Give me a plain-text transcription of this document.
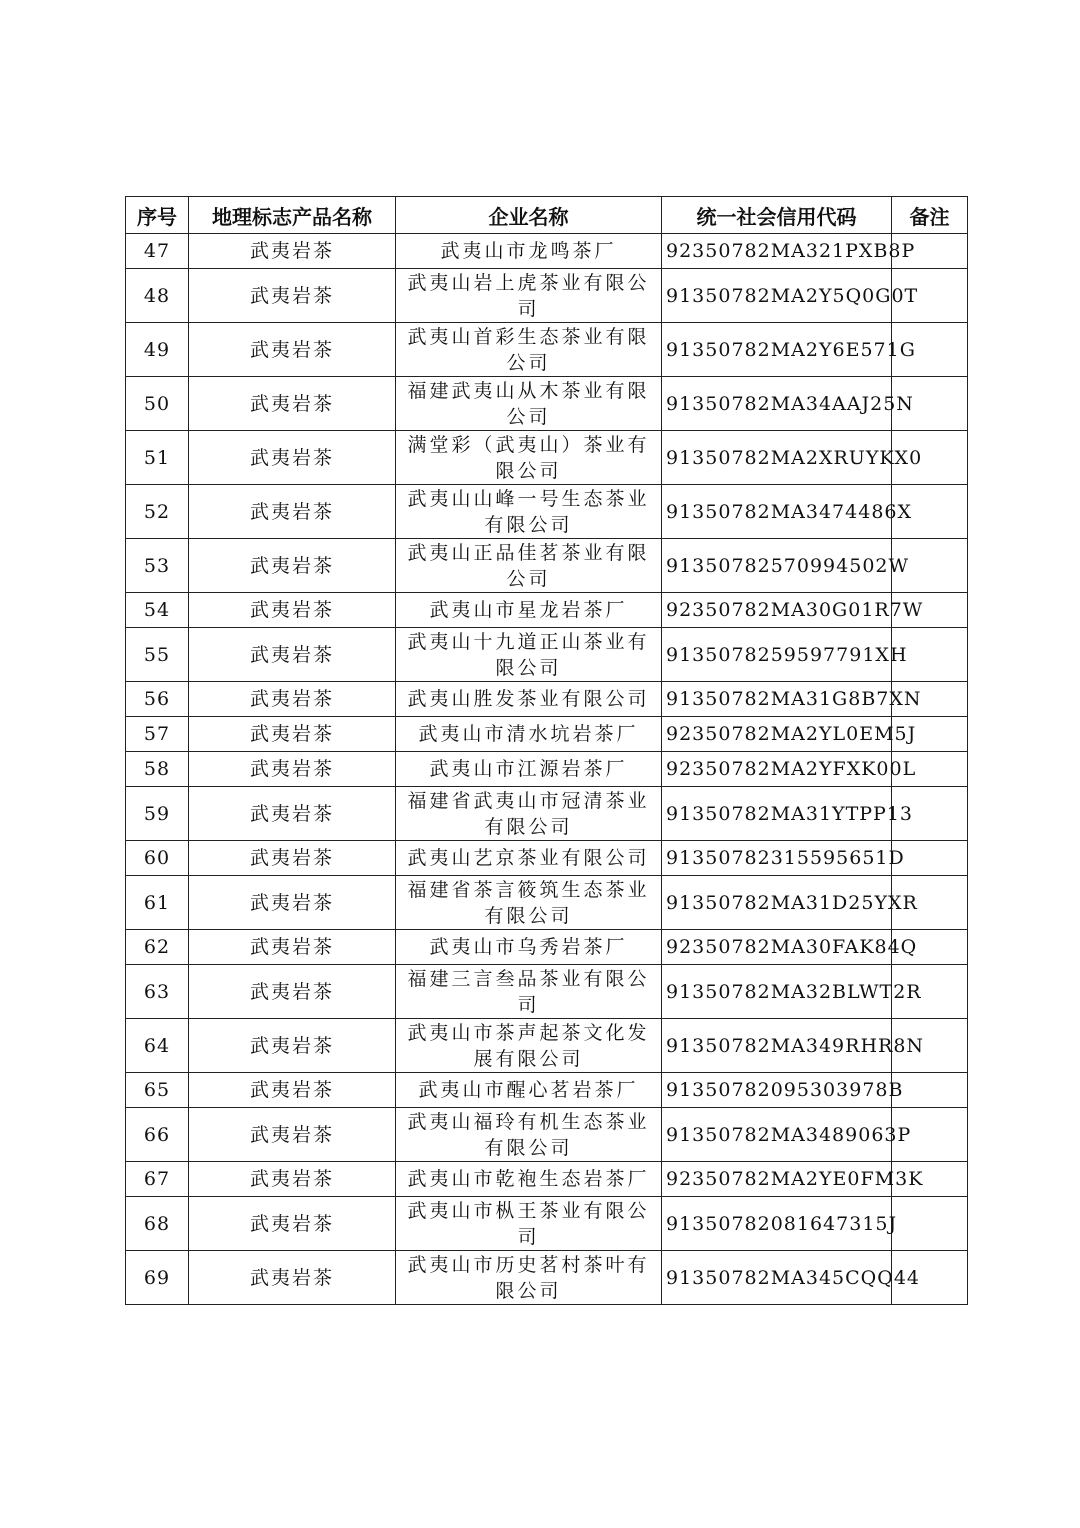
序号	地理标志产品名称	企业名称	统一社会信用代码	备注
47	武夷岩茶	武夷山市龙鸣茶厂	92350782MA321PXB8P	
48	武夷岩茶	武夷山岩上虎茶业有限公司	91350782MA2Y5Q0G0T	
49	武夷岩茶	武夷山首彩生态茶业有限公司	91350782MA2Y6E571G	
50	武夷岩茶	福建武夷山从木茶业有限公司	91350782MA34AAJ25N	
51	武夷岩茶	满堂彩（武夷山）茶业有限公司	91350782MA2XRUYKX0	
52	武夷岩茶	武夷山山峰一号生态茶业有限公司	91350782MA3474486X	
53	武夷岩茶	武夷山正品佳茗茶业有限公司	91350782570994502W	
54	武夷岩茶	武夷山市星龙岩茶厂	92350782MA30G01R7W	
55	武夷岩茶	武夷山十九道正山茶业有限公司	9135078259597791XH	
56	武夷岩茶	武夷山胜发茶业有限公司	91350782MA31G8B7XN	
57	武夷岩茶	武夷山市清水坑岩茶厂	92350782MA2YL0EM5J	
58	武夷岩茶	武夷山市江源岩茶厂	92350782MA2YFXK00L	
59	武夷岩茶	福建省武夷山市冠清茶业有限公司	91350782MA31YTPP13	
60	武夷岩茶	武夷山艺京茶业有限公司	91350782315595651D	
61	武夷岩茶	福建省茶言筱筑生态茶业有限公司	91350782MA31D25YXR	
62	武夷岩茶	武夷山市乌秀岩茶厂	92350782MA30FAK84Q	
63	武夷岩茶	福建三言叁品茶业有限公司	91350782MA32BLWT2R	
64	武夷岩茶	武夷山市茶声起茶文化发展有限公司	91350782MA349RHR8N	
65	武夷岩茶	武夷山市醒心茗岩茶厂	91350782095303978B	
66	武夷岩茶	武夷山福玲有机生态茶业有限公司	91350782MA3489063P	
67	武夷岩茶	武夷山市乾袍生态岩茶厂	92350782MA2YE0FM3K	
68	武夷岩茶	武夷山市枞王茶业有限公司	91350782081647315J	
69	武夷岩茶	武夷山市历史茗村茶叶有限公司	91350782MA345CQQ44	
